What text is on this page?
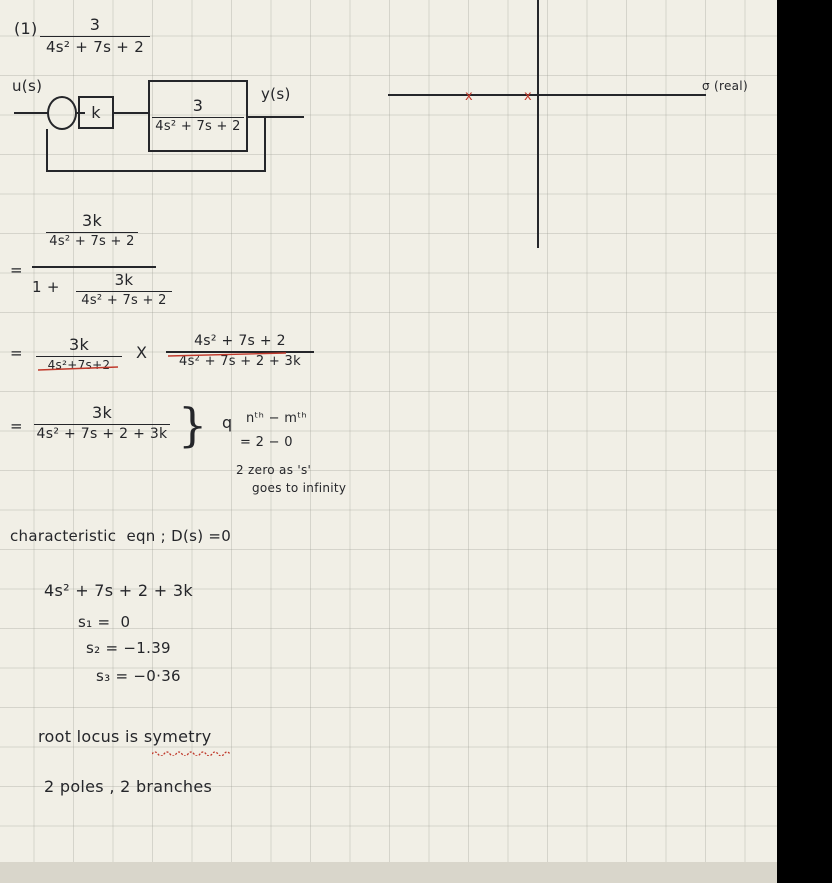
(1)	3
4s² + 7s + 2
u(s)
k	$\frac{3}{\text{4s² + 7s + 2}}$
y(s)	x	x
σ (real)
=
3k
4s² + 7s + 2
1 +	3k
4s² + 7s + 2
=	3k
4s²+7s+2
X
4s² + 7s + 2
4s² + 7s + 2 + 3k
=
3k
4s² + 7s + 2 + 3k } q nᵗʰ − mᵗʰ
= 2 − 0
2 zero as 's'
goes to infinity
characteristic  eqn ; D(s) =0
4s² + 7s + 2 + 3k
s₁ =  0
s₂ = −1.39
s₃ = −0·36
root locus is symetry
2 poles , 2 branches
